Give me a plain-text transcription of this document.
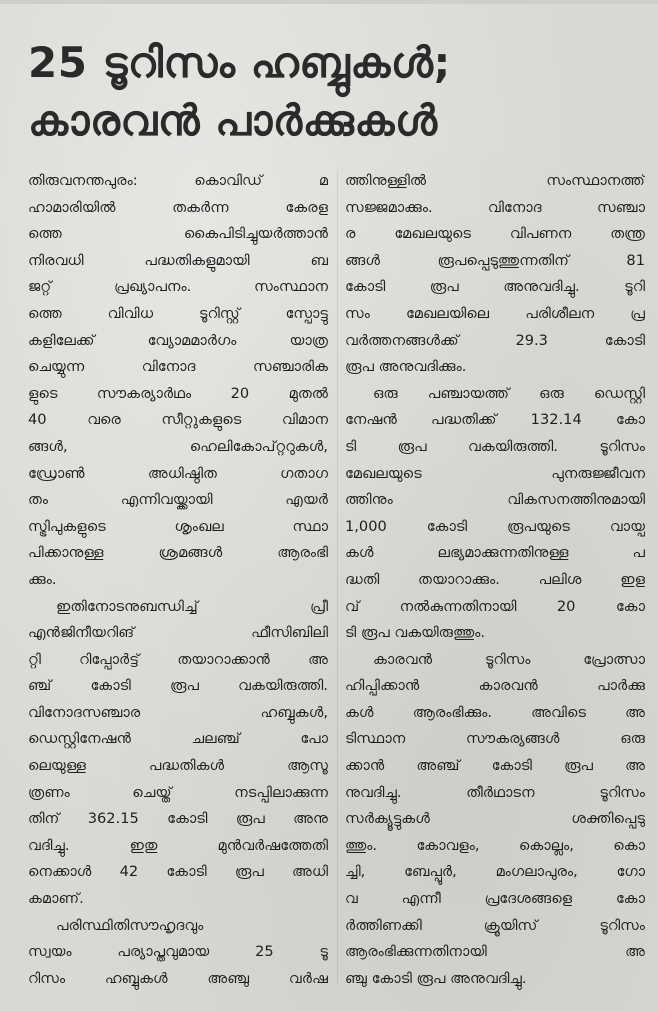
25 ടൂറിസം ഹബ്ബുകൾ;
കാരവൻ പാർക്കുകൾ
തിരുവനന്തപുരം: കൊവിഡ് മ
ഹാമാരിയിൽ തകർന്ന കേരള
ത്തെ കൈപിടിച്ചുയർത്താൻ
നിരവധി പദ്ധതികളുമായി ബ
ജറ്റ് പ്രഖ്യാപനം. സംസ്ഥാന
ത്തെ വിവിധ ടൂറിസ്റ്റ് സ്പോട്ടു
കളിലേക്ക് വ്യോമമാർഗം യാത്ര
ചെയ്യുന്ന വിനോദ സഞ്ചാരിക
ളുടെ സൗകര്യാർഥം 20 മുതൽ
40 വരെ സീറ്റുകളുടെ വിമാന
ങ്ങൾ, ഹെലികോപ്റ്ററുകൾ,
ഡ്രോൺ അധിഷ്ഠിത ഗതാഗ
തം എന്നിവയ്ക്കായി എയർ
സ്ട്രിപുകളുടെ ശൃംഖല സ്ഥാ
പിക്കാനുള്ള ശ്രമങ്ങൾ ആരംഭി
ക്കും.
ഇതിനോടനുബന്ധിച്ച് പ്രീ
എൻജിനീയറിങ് ഫീസിബിലി
റ്റി റിപ്പോർട്ട് തയാറാക്കാൻ അ
ഞ്ച് കോടി രൂപ വകയിരുത്തി.
വിനോദസഞ്ചാര ഹബ്ബുകൾ,
ഡെസ്റ്റിനേഷൻ ചലഞ്ച് പോ
ലെയുള്ള പദ്ധതികൾ ആസൂ
ത്രണം ചെയ്ത് നടപ്പിലാക്കുന്ന
തിന് 362.15 കോടി രൂപ അനു
വദിച്ചു. ഇതു മുൻവർഷത്തേതി
നെക്കാൾ 42 കോടി രൂപ അധി
കമാണ്.
പരിസ്ഥിതിസൗഹൃദവും
സ്വയം പര്യാപ്തവുമായ 25 ടൂ
റിസം ഹബ്ബുകൾ അഞ്ചു വർഷ
ത്തിനുള്ളിൽ സംസ്ഥാനത്ത്
സജ്ജമാക്കും. വിനോദ സഞ്ചാ
ര മേഖലയുടെ വിപണന തന്ത്ര
ങ്ങൾ രൂപപ്പെടുത്തുന്നതിന് 81
കോടി രൂപ അനുവദിച്ചു. ടൂറി
സം മേഖലയിലെ പരിശീലന പ്ര
വർത്തനങ്ങൾക്ക് 29.3 കോടി
രൂപ അനുവദിക്കും.
ഒരു പഞ്ചായത്ത് ഒരു ഡെസ്റ്റി
നേഷൻ പദ്ധതിക്ക് 132.14 കോ
ടി രൂപ വകയിരുത്തി. ടൂറിസം
മേഖലയുടെ പുനരുജ്ജീവന
ത്തിനും വികസനത്തിനുമായി
1,000 കോടി രൂപയുടെ വായ്പ
കൾ ലഭ്യമാക്കുന്നതിനുള്ള പ
ദ്ധതി തയാറാക്കും. പലിശ ഇള
വ് നൽകുന്നതിനായി 20 കോ
ടി രൂപ വകയിരുത്തും.
കാരവൻ ടൂറിസം പ്രോത്സാ
ഹിപ്പിക്കാൻ കാരവൻ പാർക്കു
കൾ ആരംഭിക്കും. അവിടെ അ
ടിസ്ഥാന സൗകര്യങ്ങൾ ഒരു
ക്കാൻ അഞ്ച് കോടി രൂപ അ
നുവദിച്ചു. തീർഥാടന ടൂറിസം
സർക്യൂട്ടുകൾ ശക്തിപ്പെടു
ത്തും. കോവളം, കൊല്ലം, കൊ
ച്ചി, ബേപ്പൂർ, മംഗലാപുരം, ഗോ
വ എന്നീ പ്രദേശങ്ങളെ കോ
ർത്തിണക്കി ക്രൂയിസ് ടൂറിസം
ആരംഭിക്കുന്നതിനായി അ
ഞ്ചു കോടി രൂപ അനുവദിച്ചു.
